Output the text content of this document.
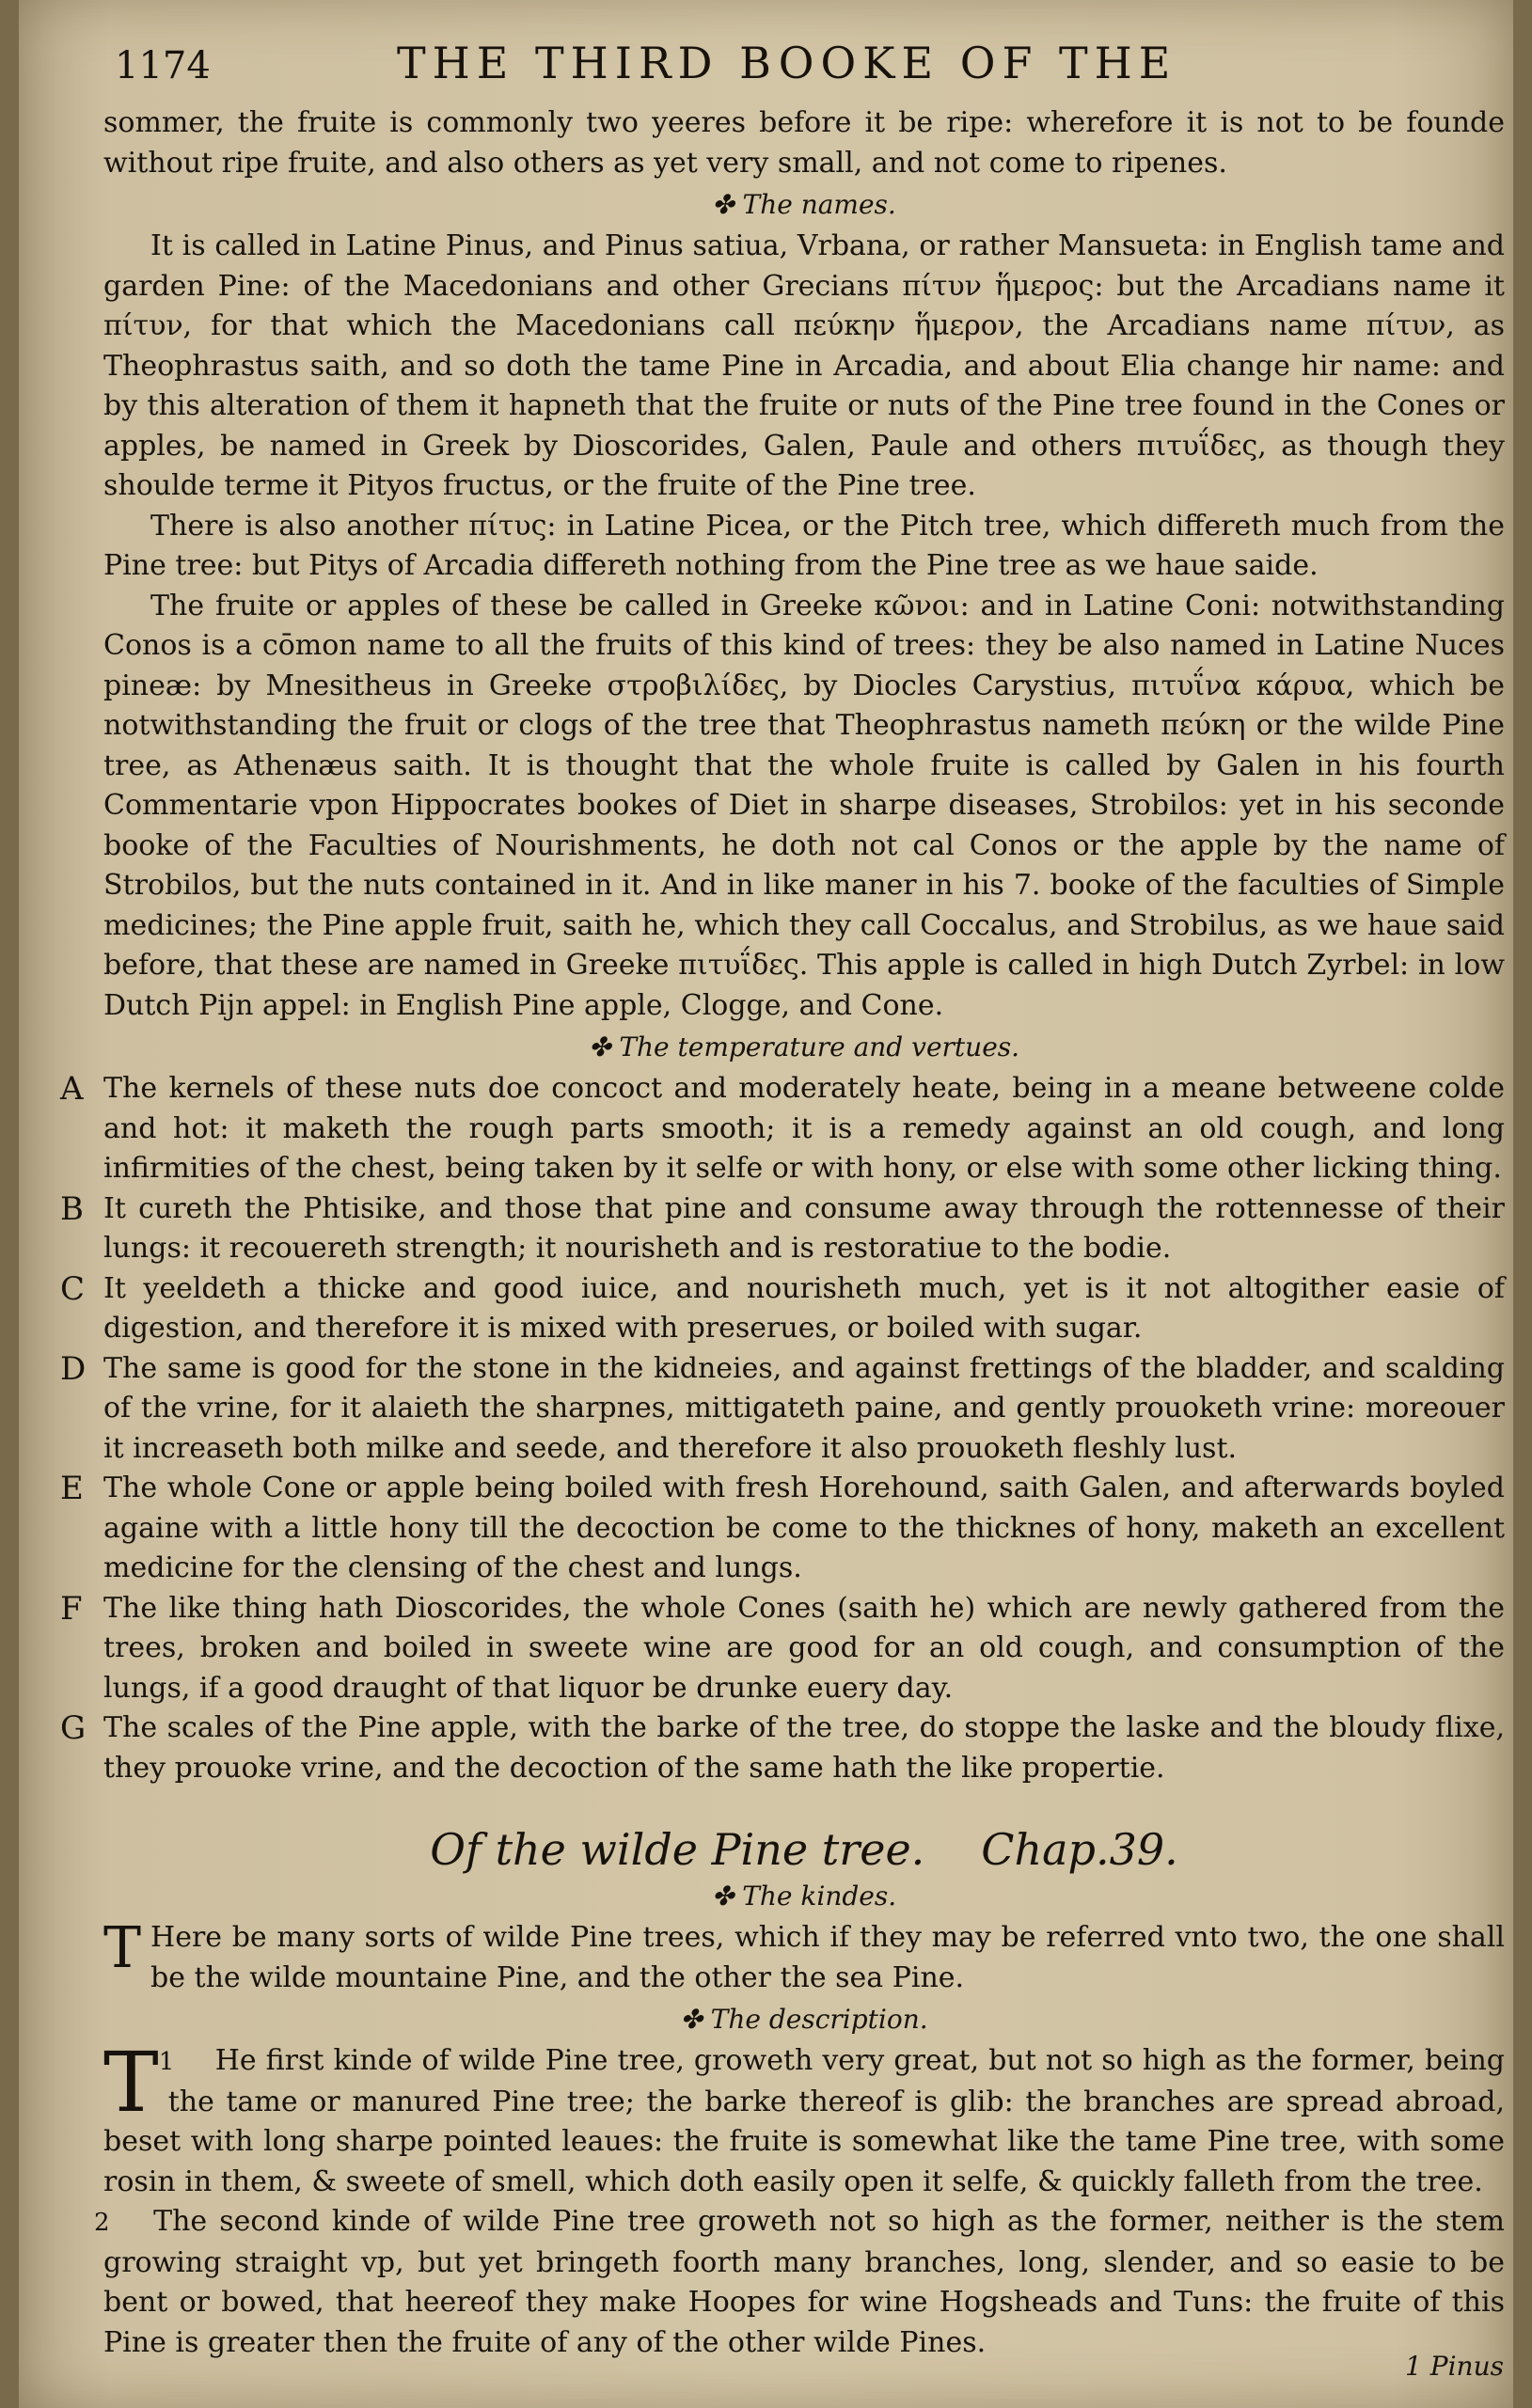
1174	THE THIRD BOOKE OF THE

sommer, the fruite is commonly two yeeres before it be ripe: wherefore it is not to be founde without ripe fruite, and also others as yet very small, and not come to ripenes.

✤ The names.

It is called in Latine Pinus, and Pinus satiua, Vrbana, or rather Mansueta: in English tame and garden Pine: of the Macedonians and other Grecians πίτυν ἥμερος: but the Arcadians name it πίτυν, for that which the Macedonians call πεύκην ἥμερον, the Arcadians name πίτυν, as Theophrastus saith, and so doth the tame Pine in Arcadia, and about Elia change hir name: and by this alteration of them it hapneth that the fruite or nuts of the Pine tree found in the Cones or apples, be named in Greek by Dioscorides, Galen, Paule and others πιτυΐδες, as though they shoulde terme it Pityos fructus, or the fruite of the Pine tree.

There is also another πίτυς: in Latine Picea, or the Pitch tree, which differeth much from the Pine tree: but Pitys of Arcadia differeth nothing from the Pine tree as we haue saide.

The fruite or apples of these be called in Greeke κῶνοι: and in Latine Coni: notwithstanding Conos is a cōmon name to all the fruits of this kind of trees: they be also named in Latine Nuces pineæ: by Mnesitheus in Greeke στροβιλίδες, by Diocles Carystius, πιτυΐνα κάρυα, which be notwithstanding the fruit or clogs of the tree that Theophrastus nameth πεύκη or the wilde Pine tree, as Athenæus saith. It is thought that the whole fruite is called by Galen in his fourth Commentarie vpon Hippocrates bookes of Diet in sharpe diseases, Strobilos: yet in his seconde booke of the Faculties of Nourishments, he doth not cal Conos or the apple by the name of Strobilos, but the nuts contained in it. And in like maner in his 7. booke of the faculties of Simple medicines; the Pine apple fruit, saith he, which they call Coccalus, and Strobilus, as we haue said before, that these are named in Greeke πιτυΐδες. This apple is called in high Dutch Zyrbel: in low Dutch Pijn appel: in English Pine apple, Clogge, and Cone.

✤ The temperature and vertues.
A The kernels of these nuts doe concoct and moderately heate, being in a meane betweene colde and hot: it maketh the rough parts smooth; it is a remedy against an old cough, and long infirmities of the chest, being taken by it selfe or with hony, or else with some other licking thing.
B It cureth the Phtisike, and those that pine and consume away through the rottennesse of their lungs: it recouereth strength; it nourisheth and is restoratiue to the bodie.
C It yeeldeth a thicke and good iuice, and nourisheth much, yet is it not altogither easie of digestion, and therefore it is mixed with preserues, or boiled with sugar.
D The same is good for the stone in the kidneies, and against frettings of the bladder, and scalding of the vrine, for it alaieth the sharpnes, mittigateth paine, and gently prouoketh vrine: moreouer it increaseth both milke and seede, and therefore it also prouoketh fleshly lust.
E The whole Cone or apple being boiled with fresh Horehound, saith Galen, and afterwards boyled againe with a little hony till the decoction be come to the thicknes of hony, maketh an excellent medicine for the clensing of the chest and lungs.
F The like thing hath Dioscorides, the whole Cones (saith he) which are newly gathered from the trees, broken and boiled in sweete wine are good for an old cough, and consumption of the lungs, if a good draught of that liquor be drunke euery day.
G The scales of the Pine apple, with the barke of the tree, do stoppe the laske and the bloudy flixe, they prouoke vrine, and the decoction of the same hath the like propertie.
Of the wilde Pine tree. Chap.39.
✤ The kindes.

T Here be many sorts of wilde Pine trees, which if they may be referred vnto two, the one shall be the wilde mountaine Pine, and the other the sea Pine.

✤ The description.

1
T He first kinde of wilde Pine tree, groweth very great, but not so high as the former, being the tame or manured Pine tree; the barke thereof is glib: the branches are spread abroad, beset with long sharpe pointed leaues: the fruite is somewhat like the tame Pine tree, with some rosin in them, & sweete of smell, which doth easily open it selfe, & quickly falleth from the tree.

2 The second kinde of wilde Pine tree groweth not so high as the former, neither is the stem growing straight vp, but yet bringeth foorth many branches, long, slender, and so easie to be bent or bowed, that heereof they make Hoopes for wine Hogsheads and Tuns: the fruite of this Pine is greater then the fruite of any of the other wilde Pines.

1 Pinus
